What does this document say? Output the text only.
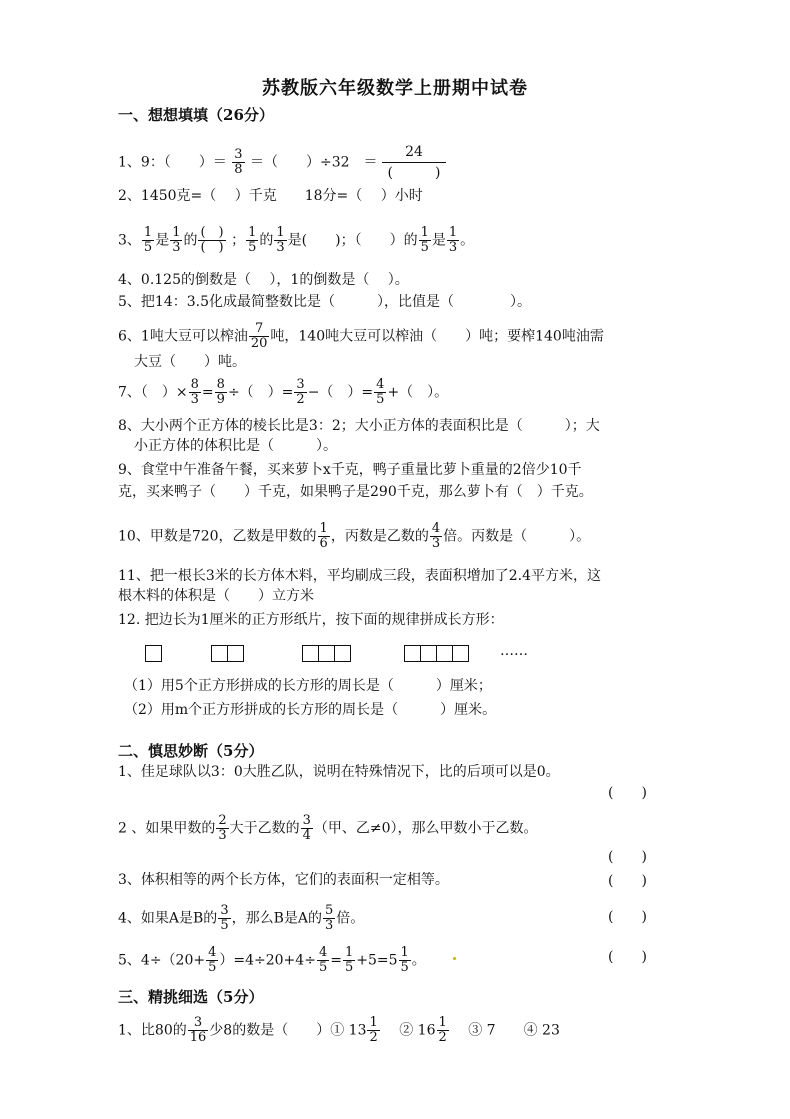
苏教版六年级数学上册期中试卷
一、想想填填（26分）
1、9：（　　）＝ $\frac{3}{8}$ ＝（　　）÷32　＝ $\frac{24}{( )}$
2、1450克=（　 ）千克　　18分=（　 ）小时
3、 $\frac{1}{5}$ 是 $\frac{1}{3}$ 的 $\frac{( )}{( )}$ ； $\frac{1}{5}$ 的 $\frac{1}{3}$ 是(　　)；（　　）的 $\frac{1}{5}$ 是 $\frac{1}{3}$ 。
4、0.125的倒数是（　 ），1的倒数是（　 ）。
5、把14：3.5化成最简整数比是（　　　），比值是（　　　　）。
6、1吨大豆可以榨油 $\frac{7}{20}$ 吨，140吨大豆可以榨油（　　）吨；要榨140吨油需
大豆（　　）吨。
7、（　）× $\frac{8}{3} = \frac{8}{9}$ ÷（　）= $\frac{3}{2}$ −（　）= $\frac{4}{5}$ +（　）。
8、大小两个正方体的棱长比是3：2；大小正方体的表面积比是（　　　）；大
小正方体的体积比是（　　　）。
9、食堂中午准备午餐，买来萝卜x千克，鸭子重量比萝卜重量的2倍少10千
克，买来鸭子（　　）千克，如果鸭子是290千克，那么萝卜有（　）千克。
10、甲数是720，乙数是甲数的 $\frac{1}{6}$ ，丙数是乙数的 $\frac{4}{3}$ 倍。丙数是（　　　）。
11、把一根长3米的长方体木料，平均刷成三段，表面积增加了2.4平方米，这
根木料的体积是（　　）立方米
12. 把边长为1厘米的正方形纸片，按下面的规律拼成长方形：
……
（1）用5个正方形拼成的长方形的周长是（　　　）厘米；
（2）用m个正方形拼成的长方形的周长是（　　　）厘米。
二、慎思妙断（5分）
1、佳足球队以3：0大胜乙队，说明在特殊情况下，比的后项可以是0。
(　　)
2 、如果甲数的 $\frac{2}{3}$ 大于乙数的 $\frac{3}{4}$ （甲、乙≠0），那么甲数小于乙数。
(　　)
3、体积相等的两个长方体，它们的表面积一定相等。	(　　)
4、如果A是B的 $\frac{3}{5}$ ，那么B是A的 $\frac{5}{3}$ 倍。	(　　)
5、$4\div(20+ \frac{4}{5} )=4\div 20+4\div \frac{4}{5} = \frac{1}{5} +5=5 \frac{1}{5}$ 。	(　　)
三、精挑细选（5分）
1、比80的 $\frac{3}{16}$ 少8的数是（　　）① $13 \frac{1}{2}$ 　② $16 \frac{1}{2}$ 　③ 7　　④ 23
